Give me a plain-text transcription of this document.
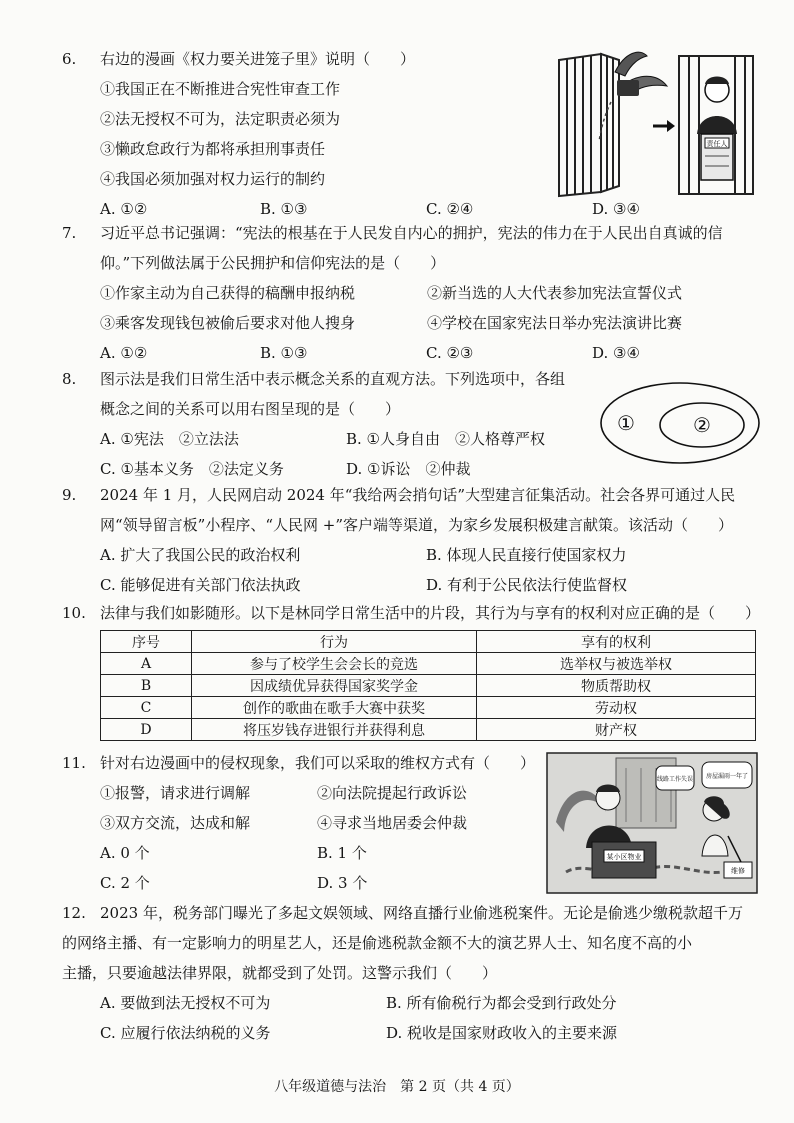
6. 右边的漫画《权力要关进笼子里》说明（　　）
①我国正在不断推进合宪性审查工作
②法无授权不可为，法定职责必须为
③懒政怠政行为都将承担刑事责任
④我国必须加强对权力运行的制约
A. ①②	B. ①③	C. ②④	D. ③④
责任人
7. 习近平总书记强调：“宪法的根基在于人民发自内心的拥护，宪法的伟力在于人民出自真诚的信
仰。”下列做法属于公民拥护和信仰宪法的是（　　）
①作家主动为自己获得的稿酬申报纳税	②新当选的人大代表参加宪法宣誓仪式
③乘客发现钱包被偷后要求对他人搜身	④学校在国家宪法日举办宪法演讲比赛
A. ①②	B. ①③	C. ②③	D. ③④
8. 图示法是我们日常生活中表示概念关系的直观方法。下列选项中，各组
概念之间的关系可以用右图呈现的是（　　）
A. ①宪法　②立法法	B. ①人身自由　②人格尊严权
C. ①基本义务　②法定义务	D. ①诉讼　②仲裁
①	②
9. 2024 年 1 月，人民网启动 2024 年“我给两会捎句话”大型建言征集活动。社会各界可通过人民
网“领导留言板”小程序、“人民网 +”客户端等渠道，为家乡发展积极建言献策。该活动（　　）
A. 扩大了我国公民的政治权利	B. 体现人民直接行使国家权力
C. 能够促进有关部门依法执政	D. 有利于公民依法行使监督权
10. 法律与我们如影随形。以下是林同学日常生活中的片段，其行为与享有的权利对应正确的是（　　）
序号	行为	享有的权利
A	参与了校学生会会长的竞选	选举权与被选举权
B	因成绩优异获得国家奖学金	物质帮助权
C	创作的歌曲在歌手大赛中获奖	劳动权
D	将压岁钱存进银行并获得利息	财产权
11. 针对右边漫画中的侵权现象，我们可以采取的维权方式有（　　）
①报警，请求进行调解	②向法院提起行政诉讼
③双方交流，达成和解	④寻求当地居委会仲裁
A. 0 个	B. 1 个
C. 2 个	D. 3 个
某小区物业
线路工作失误 房屋漏雨一年了
维修
12. 2023 年，税务部门曝光了多起文娱领域、网络直播行业偷逃税案件。无论是偷逃少缴税款超千万
的网络主播、有一定影响力的明星艺人，还是偷逃税款金额不大的演艺界人士、知名度不高的小
主播，只要逾越法律界限，就都受到了处罚。这警示我们（　　）
A. 要做到法无授权不可为	B. 所有偷税行为都会受到行政处分
C. 应履行依法纳税的义务	D. 税收是国家财政收入的主要来源
八年级道德与法治　第 2 页（共 4 页）
